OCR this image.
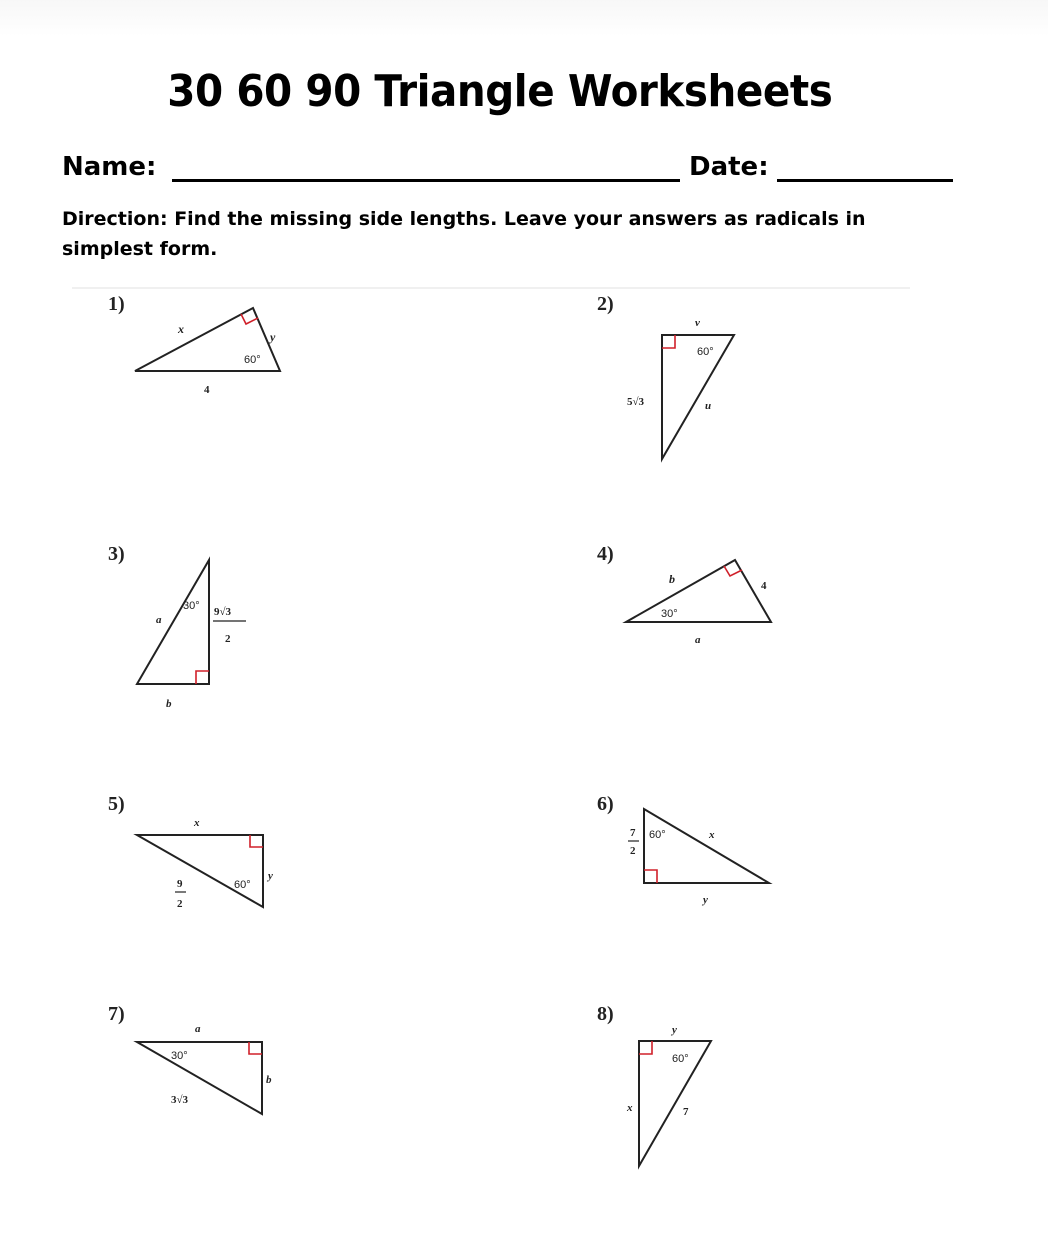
30 60 90 Triangle Worksheets
Name:	Date:
Direction: Find the missing side lengths. Leave your answers as radicals in simplest form.
1)
x
y
60°
4
2)
v
60°
5√3	u
3)
30°
a
9√3
2
b
4)
b	4
30°
a
5)
x
60°
y
9
2
6)
7
2
60°	x
y
7)
a
30°
b
3√3
8)
y
60°
x	7
